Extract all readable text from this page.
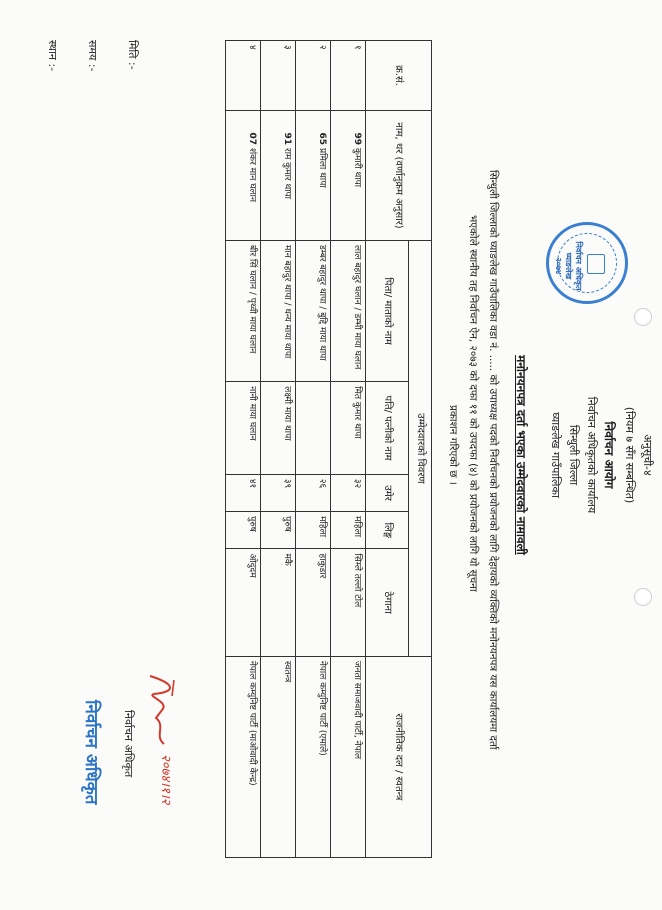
अनुसूची-४
(नियम ७ सँग सम्बन्धित)
निर्वाचन आयोग
निर्वाचन अधिकृतको कार्यालय
सिन्धुली जिल्ला
घ्याङलेख गाउँपालिका
निर्वाचन अधिकृत
घ्याङलेख
२०७४
मनोनयनपत्र दर्ता भएका उम्मेदवारको नामावली
सिन्धुली जिल्लाको घ्याङलेख गाउँपालिका वडा नं. ..... को उपाध्यक्ष पदको निर्वाचनको प्रयोजनको लागि देहायको व्यक्तिको मनोनयनपत्र यस कार्यालयमा दर्ता
भएकोले स्थानीय तह निर्वाचन ऐन, २०७३ को दफा ११ को उपदफा (४) को प्रयोजनको लागि यो सूचना
प्रकाशन गरिएको छ ।
क्र.सं.	नाम, थर (वर्णानुक्रम अनुसार)	उम्मेदवारको विवरण					राजनीतिक दल / स्वतन्त्र
		पिता/ माताको नाम	पति/ पत्नीको नाम	उमेर	लिङ्ग	ठेगाना	
१	99कुमारी थापा	लाल बहादुर घलान / डम्भी माया घलान	मित कुमार थापा	३२	महिला	सिम्ले तल्लो टोल	जनता समाजवादी पार्टी, नेपाल
२	65प्रमिला थापा	डम्बर बहादुर थापा / बुद्दि माया थापा		२६	महिला	हाकुडार	नेपाल कम्युनिष्ट पार्टी (एमाले)
३	91राम कुमार थापा	मान बहादुर थापा / धन्य माया थापा	लक्ष्मी माया थापा	३९	पुरुष	मकै	स्वतन्त्र
४	07शंकर मान घलान	बीर सिं घलान / पृथ्वी माया घलान	नानी माया घलान	४१	पुरुष	ओदुदम	नेपाल कम्युनिष्ट पार्टी (माओवादी केन्द्र)
मिति :-
समय :-
स्थान :-
२०७४।१।२
निर्वाचन अधिकृत
निर्वाचन अधिकृत
